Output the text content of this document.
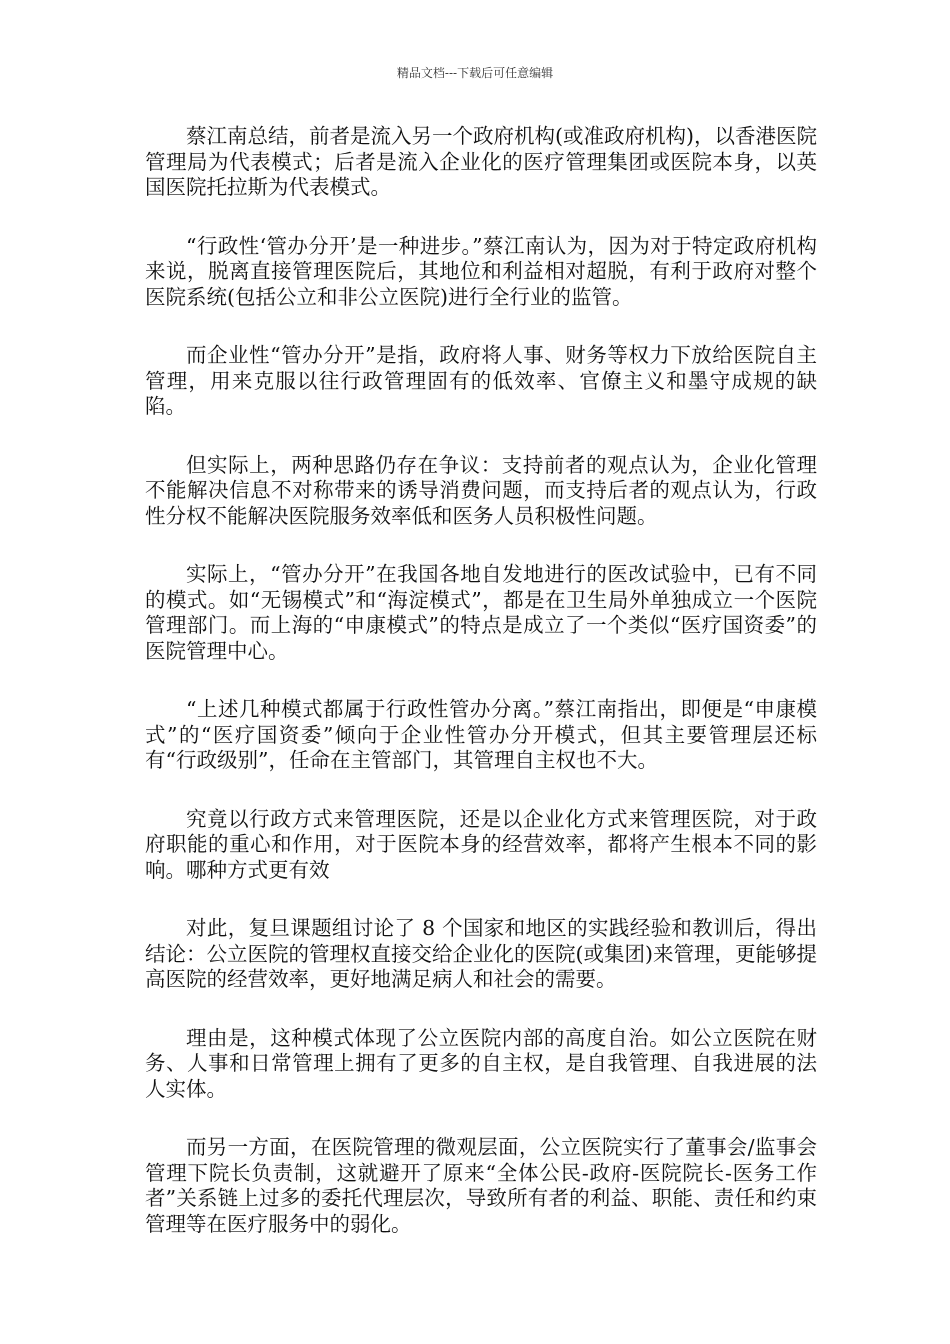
精品文档---下载后可任意编辑

蔡江南总结，前者是流入另一个政府机构(或准政府机构)，以香港医院管理局为代表模式；后者是流入企业化的医疗管理集团或医院本身，以英国医院托拉斯为代表模式。

“行政性‘管办分开’是一种进步。”蔡江南认为，因为对于特定政府机构来说，脱离直接管理医院后，其地位和利益相对超脱，有利于政府对整个医院系统(包括公立和非公立医院)进行全行业的监管。

而企业性“管办分开”是指，政府将人事、财务等权力下放给医院自主管理，用来克服以往行政管理固有的低效率、官僚主义和墨守成规的缺陷。

但实际上，两种思路仍存在争议：支持前者的观点认为，企业化管理不能解决信息不对称带来的诱导消费问题，而支持后者的观点认为，行政性分权不能解决医院服务效率低和医务人员积极性问题。

实际上，“管办分开”在我国各地自发地进行的医改试验中，已有不同的模式。如“无锡模式”和“海淀模式”，都是在卫生局外单独成立一个医院管理部门。而上海的“申康模式”的特点是成立了一个类似“医疗国资委”的医院管理中心。

“上述几种模式都属于行政性管办分离。”蔡江南指出，即便是“申康模式”的“医疗国资委”倾向于企业性管办分开模式，但其主要管理层还标有“行政级别”，任命在主管部门，其管理自主权也不大。

究竟以行政方式来管理医院，还是以企业化方式来管理医院，对于政府职能的重心和作用，对于医院本身的经营效率，都将产生根本不同的影响。哪种方式更有效

对此，复旦课题组讨论了 8 个国家和地区的实践经验和教训后，得出结论：公立医院的管理权直接交给企业化的医院(或集团)来管理，更能够提高医院的经营效率，更好地满足病人和社会的需要。

理由是，这种模式体现了公立医院内部的高度自治。如公立医院在财务、人事和日常管理上拥有了更多的自主权，是自我管理、自我进展的法人实体。

而另一方面，在医院管理的微观层面，公立医院实行了董事会/监事会管理下院长负责制，这就避开了原来“全体公民-政府-医院院长-医务工作者”关系链上过多的委托代理层次，导致所有者的利益、职能、责任和约束管理等在医疗服务中的弱化。
